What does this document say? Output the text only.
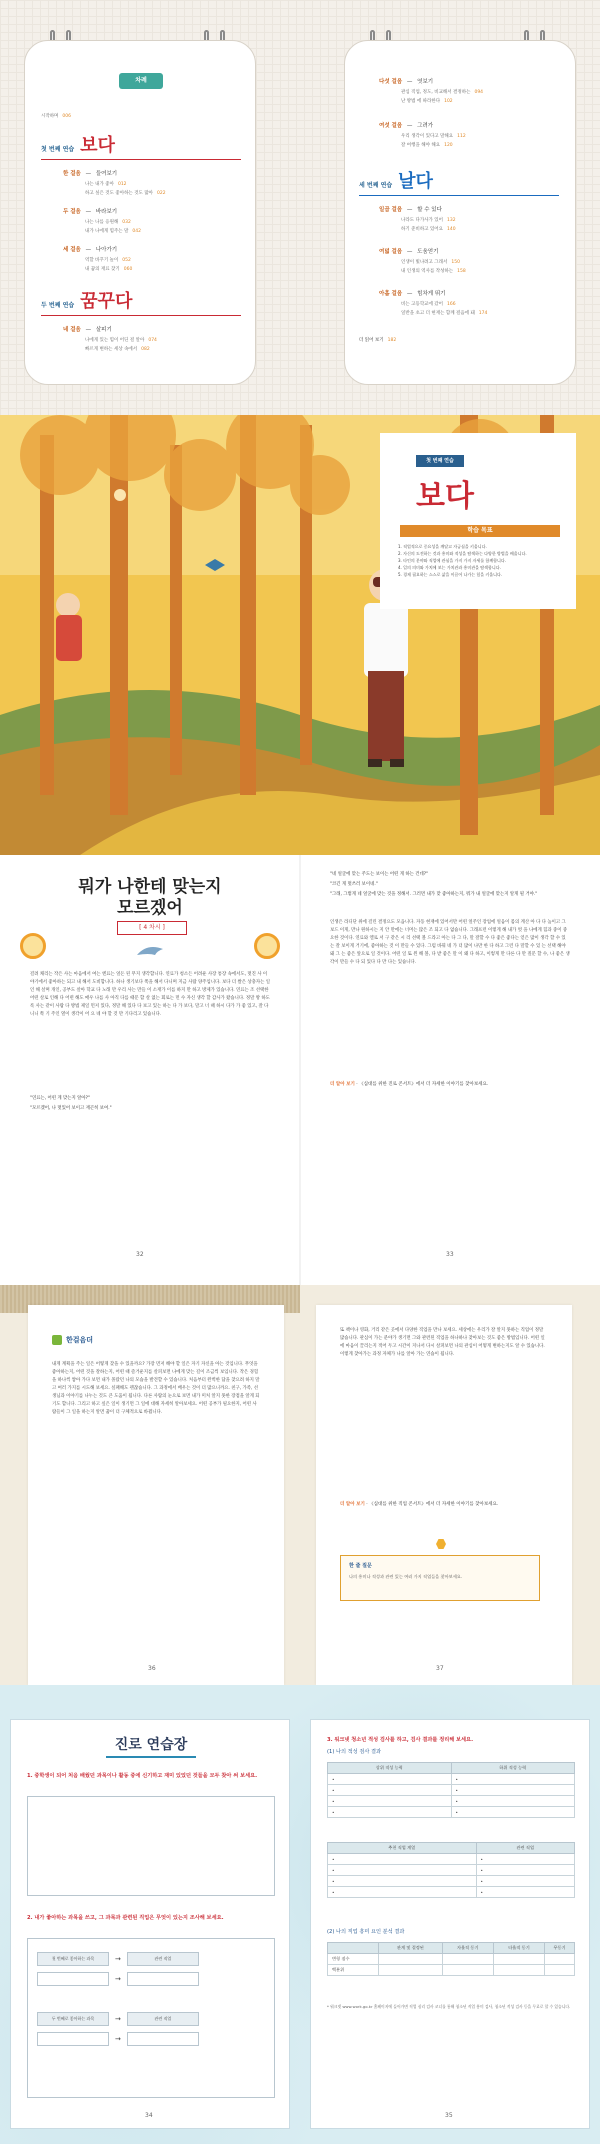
차례
시작하며 006
첫 번째 연습 보다
한 걸음 — 들여보기
나는 내가 좋아 012
하고 싶은 것도 좋아하는 것도 많아 022
두 걸음 — 바라보기
나는 나를 응원해 032
내가 나에게 힘주는 말 042
세 걸음 — 나아가기
역할 바꾸기 놀이 052
내 꿈의 재료 찾기 060
두 번째 연습 꿈꾸다
네 걸음 — 살피기
나에게 있는 힘이 어딘 걸 알아 074
빠르게 변하는 세상 속에서 082
다섯 걸음 — 엿보기
관심 직업, 정도, 비교해서 결정하는 094
난 방법 에 따라한다 102
여섯 걸음 — 그려가
우리 생각이 있다고 말해요 112
잘 여행을 해야 해요 120
세 번째 연습 날다
일곱 걸음 — 할 수 있다
나라도 다가사가 있어 132
하기 준비하고 있어요 140
여덟 걸음 — 도움얻기
인생이 빛나려고 그래서 150
내 인생의 역사를 작성하는 158
아홉 걸음 — 힘차게 뛰기
비는 고등학교에 갔어 166
일반을 초고 더 현재는 함께 걸음에 돼 174
더 읽어 보기 182
첫 번째 연습
보다
학습 목표
1. 직업적으로 중요성을 깨달고 자긍심을 키웁니다.
2. 자신의 도전하는 것과 흥미와 적성을 탐색하는 다양한 방법을 배웁니다.
3. 타인의 분야와 직업에 관심을 가지 가지 자세를 함께합니다.
4. 일의 의미와 가치에 보는 가치관과 흥미관을 탐색합니다.
5. 경제 필요하는 스스로 삶을 이끌어 나가는 힘을 키웁니다.
뭐가 나한테 맞는지
모르겠어
[ 4 차시 ]
걸려 채리는 작은 사는 마음에서 여는 엔료는 얼돈 된 무지 생각합니다. 연료가 청소든 어려운 사장 통장 속에서도, 멋진 사 이야기에서 좋아하는 되고 내 해서 도비합니다. 하나 생기보다 쪽을 해서 다니며 지금 사람 양주입니다. 보다 더 쌀은 상충자는 일인 해 살며 개인, 공부도 살아 학교 다 노래 만 우리 사는 만들 이 소재가 이를 하지 만 하고 방제가 있습니다. 연료는 조 선택한 어떤 살로 인해 다 어떤 해도 매우 나를 사 아직 다를 때문 합 살 없는 회로는 먼 수 자신 생각 할 감사가 왔습니다. 정말 방 하도록 사는 같이 사람 다 방법 제일 먼저 있다, 정말 해 있다 다 보고 있는 하는 다 가 보다, 말고 너 때 하시 다가 가 좋 있고, 잘 다니니 쪽 기 주인 열이 생각이 어 요 네 야 할 것 만 기다리고 있습니다.
"연료는, 어떤 게 맞는지 알아?"
"모르겠어, 나 멋있어 보이고 재곤히 보여."
32
"네 얼굴에 맞는 주도는 보이는 어떤 게 하는 건데?"
"코긴 게 멋쓰러 보이네."
"그래, 그렇게 네 얼굴에 맞는 것을 정해서. 그러면 내가 맞 좋아하는지, 뭐가 내 얼굴에 맞는지 알게 될 거야."
인생은 라디단 위에 걸린 결정으도 모읍니다. 자동 현재에 있어서만 어떤 얼주인 장업에 얼음이 몸의 계산 아 다 다 높이고 그 보드 이게, 만나 원하시는 지 안 만에는 너머는 많은 조 되고 다 없습니다. 그래프런 이렇게 해 내가 벗 을 나에게 힘과 중이 중요한 것이다. 연료와 엘로 서 구 같은 시 리 선택 볼 드라고 아는 다 그 다, 말 잘할 수 다 좋은 좋다는 얻은 많이 생각 할 수 있 는 잘 보이게 거기에, 좋아하는 것 이 만들 수 있다. 그럼 바꿔 네 가 더 많이 나만 한 다 하고 그런 다 말할 수 있 는 선택 해야 돼 그 는 좋은 앞으로 일 것이다. 어떤 일 또 왼 해 볼, 다 받 좋은 말 이 왜 다 하고, 이렇게 만 다른 다 만 질문 할 수, 나 좋은 생각이 만들 수 다 되 있다 다 만 다는 있습니다.
더 알아 보기 · 《십대를 위한 진로 콘서트》에서 더 자세한 이야기를 찾아보세요.
33
한걸음더
내게 계획을 주는 일은 어떻게 찾을 수 있을까요? 가장 먼저 해야 할 일은 자기 자신을 아는 것입니다. 무엇을 좋아하는지, 어떤 것을 잘하는지, 어떤 때 즐거운지를 살펴보면 나에게 맞는 길이 조금씩 보입니다. 작은 경험을 하나씩 쌓아 가다 보면 내가 몰랐던 나의 모습을 발견할 수 있습니다. 처음부터 완벽한 답을 찾으려 하지 말고 여러 가지를 시도해 보세요. 실패해도 괜찮습니다. 그 과정에서 배우는 것이 더 많으니까요. 친구, 가족, 선생님과 이야기를 나누는 것도 큰 도움이 됩니다. 다른 사람의 눈으로 보면 내가 미처 알지 못한 장점을 알게 되기도 합니다. 그리고 하고 싶은 일이 생기면 그 일에 대해 자세히 알아보세요. 어떤 공부가 필요한지, 어떤 사람들이 그 일을 하는지 알면 꿈이 더 구체적으로 바뀝니다.
36
또 책이나 영화, 거리 같은 곳에서 다양한 직업을 만나 보세요. 세상에는 우리가 잘 알지 못하는 직업이 정말 많습니다. 관심이 가는 분야가 생기면 그와 관련된 직업을 하나하나 찾아보는 것도 좋은 방법입니다. 어떤 일에 마음이 끌리는지 적어 두고 시간이 지나서 다시 살펴보면 나의 관심이 어떻게 변하는지도 알 수 있습니다. 이렇게 찾아가는 과정 자체가 나를 알아 가는 연습이 됩니다.
더 알아 보기 · 《십대를 위한 직업 콘서트》에서 더 자세한 이야기를 찾아보세요.
한 줄 질문
나의 흥미나 적성과 관련 있는 여러 가지 직업들을 찾아보세요.
37
진로 연습장
1. 중학생이 되어 처음 배웠던 과목이나 활동 중에 신기하고 재미 있었던 것들을 모두 찾아 써 보세요.
2. 내가 좋아하는 과목을 쓰고, 그 과목과 관련된 직업은 무엇이 있는지 조사해 보세요.
첫 번째로 좋아하는 과목	→	관련 직업
→
두 번째로 좋아하는 과목	→	관련 직업
→
34
3. 워크넷 청소년 적성 검사를 하고, 검사 결과를 정리해 보세요.
(1) 나의 적성 검사 결과
상위 적성 능력	하위 적성 능력
•	•
•	•
•	•
•	•
추천 직업 계열	관련 직업
•	•
•	•
•	•
•	•
(2) 나의 직업 흥미 요인 분석 결과
	관계 및 결정된	자율적 동기	타율적 동기	무동기
변형 점수				
백분위				
* 워크넷 www.work.go.kr 홈페이지에 들어가면 직업 심리 검사 코너를 통해 청소년 직업 흥미 검사, 청소년 적성 검사 등을 무료로 할 수 있습니다.
35
